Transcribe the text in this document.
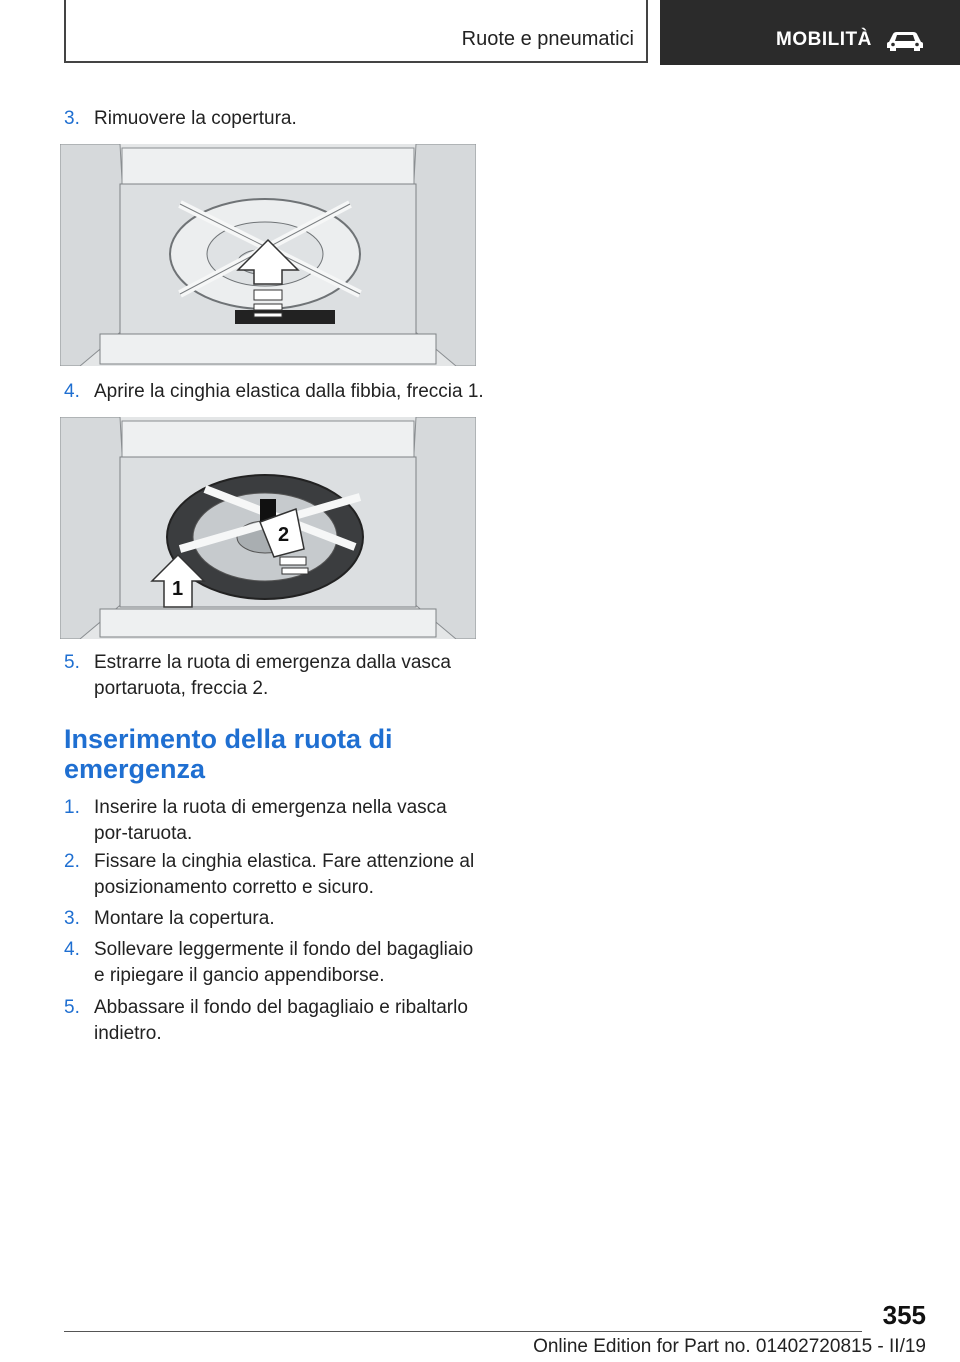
Ruote e pneumatici	MOBILITÀ
3. Rimuovere la copertura.
4. Aprire la cinghia elastica dalla fibbia, freccia 1.
2
1
5. Estrarre la ruota di emergenza dalla vasca portaruota, freccia 2.
Inserimento della ruota di emergenza
1. Inserire la ruota di emergenza nella vasca por‐taruota.
2. Fissare la cinghia elastica. Fare attenzione al posizionamento corretto e sicuro.
3. Montare la copertura.
4. Sollevare leggermente il fondo del bagagliaio e ripiegare il gancio appendiborse.
5. Abbassare il fondo del bagagliaio e ribaltarlo indietro.
355
Online Edition for Part no. 01402720815 - II/19
